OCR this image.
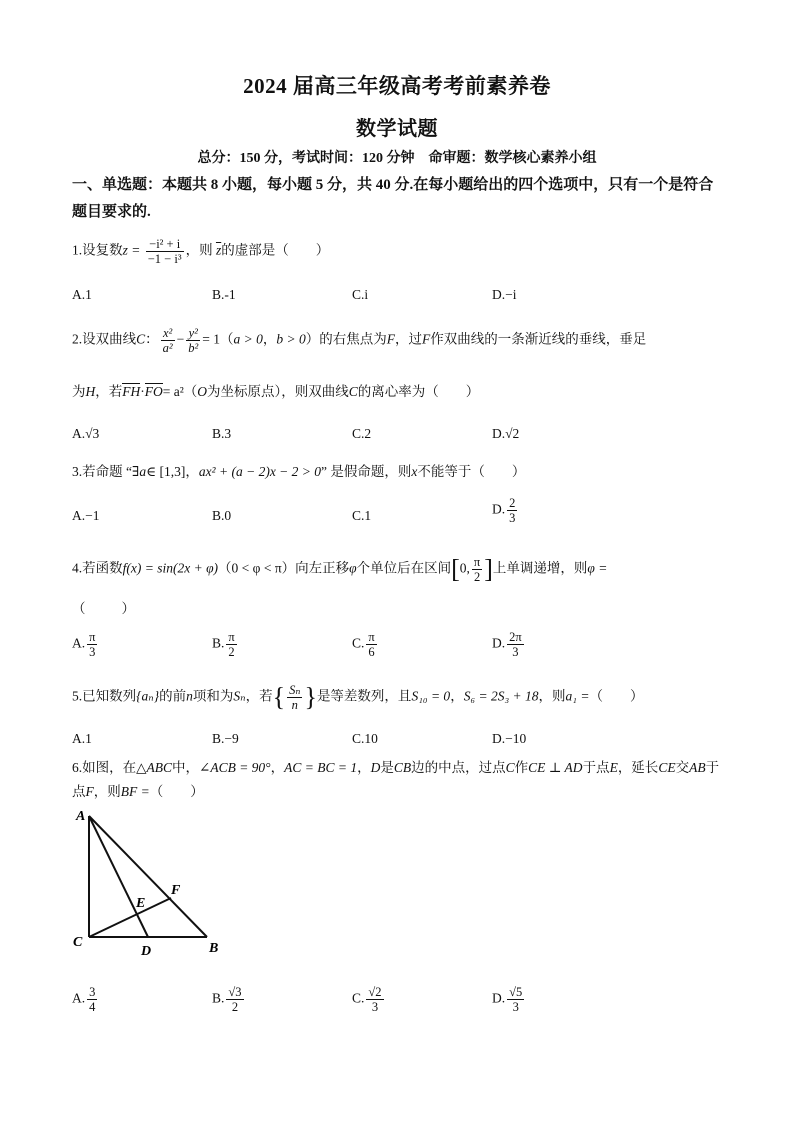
2024 届高三年级高考考前素养卷
数学试题
总分：150 分，考试时间：120 分钟　命审题：数学核心素养小组
一、单选题：本题共 8 小题，每小题 5 分，共 40 分.在每小题给出的四个选项中，只有一个是符合题目要求的.
1.设复数$z = \frac{\text{−i² + i}}{\text{−1 − i³}}$ ，则 $\overline{z}$的虚部是（　　）
A.1	B.-1	C.i	D.−i
2.设双曲线C： $\frac{\text{x²}}{\text{a²}} - \frac{\text{y²}}{\text{b²}} = 1(a > 0$，b > 0）的右焦点为F，过F作双曲线的一条渐近线的垂线，垂足
为H，若FH·FO= a²（O为坐标原点），则双曲线C的离心率为（　　）
A.√3	B.3	C.2	D.√2
3.若命题 “∃a∈ [1,3]，ax² + (a − 2)x − 2 > 0” 是假命题，则x不能等于（　　）
A.−1	B.0	C.1	D. $\frac{2}{3}$
4.若函数f(x) = sin(2x + φ)（0 < φ < π）向左正移φ个单位后在区间[0, $\frac{\pi}{2}$ ]上单调递增，则φ =
（　　）
A. $\frac{\pi}{3}$	B. $\frac{\pi}{2}$	C. $\frac{\pi}{6}$	D. $\frac{2\pi}{3}$
5.已知数列{aₙ}的前n项和为Sₙ，若{ $\frac{\text{Sₙ}}{n}$ }是等差数列，且S₁₀ = 0，S₆ = 2S₃ + 18，则a₁ =（　　）
A.1	B.−9	C.10	D.−10
6.如图，在△ABC中，∠ACB = 90°，AC = BC = 1，D是CB边的中点，过点C作CE ⊥ AD于点E，延长CE交AB于点F，则BF =（　　）
A
E
F
C
D	B
A. $\frac{3}{4}$	B. $\frac{√3}{2}$	C. $\frac{√2}{3}$	D. $\frac{√5}{3}$
